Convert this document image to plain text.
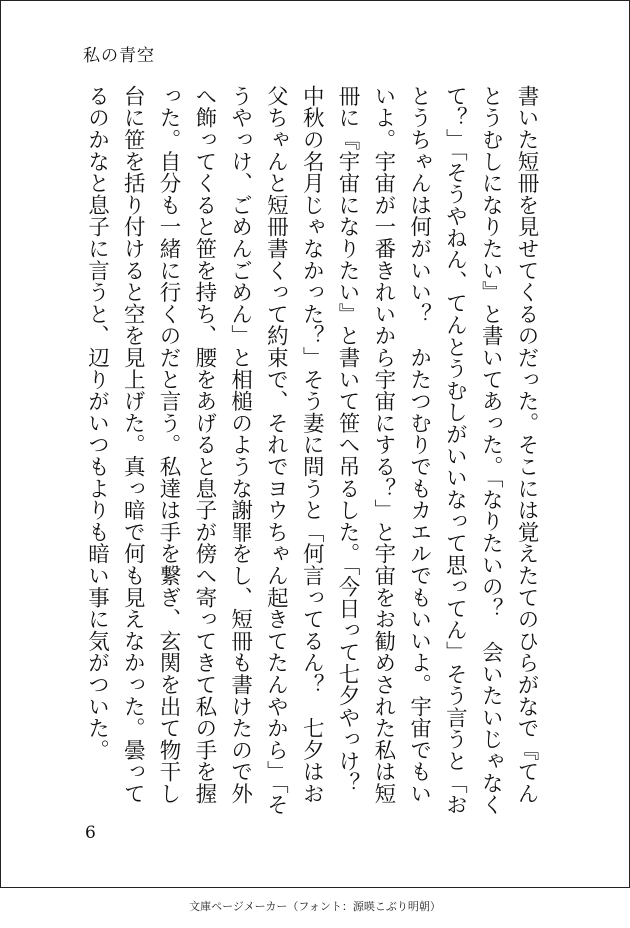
私の青空
書いた短冊を見せてくるのだった。そこには覚えたてのひらがなで『てんとうむしになりたい』と書いてあった。「なりたいの？　会いたいじゃなくて？」「そうやねん、てんとうむしがいいなって思ってん」そう言うと「おとうちゃんは何がいい？　かたつむりでもカエルでもいいよ。宇宙でもいいよ。宇宙が一番きれいから宇宙にする？」と宇宙をお勧めされた私は短冊に『宇宙になりたい』と書いて笹へ吊るした。「今日って七夕やっけ？　中秋の名月じゃなかった？」そう妻に問うと「何言ってるん？　七夕はお父ちゃんと短冊書くって約束で、それでヨウちゃん起きてたんやから」「そうやっけ、ごめんごめん」と相槌のような謝罪をし、短冊も書けたので外へ飾ってくると笹を持ち、腰をあげると息子が傍へ寄ってきて私の手を握った。自分も一緒に行くのだと言う。私達は手を繋ぎ、玄関を出て物干し台に笹を括り付けると空を見上げた。真っ暗で何も見えなかった。曇ってるのかなと息子に言うと、辺りがいつもよりも暗い事に気がついた。
6
文庫ページメーカー（フォント：源暎こぶり明朝）
